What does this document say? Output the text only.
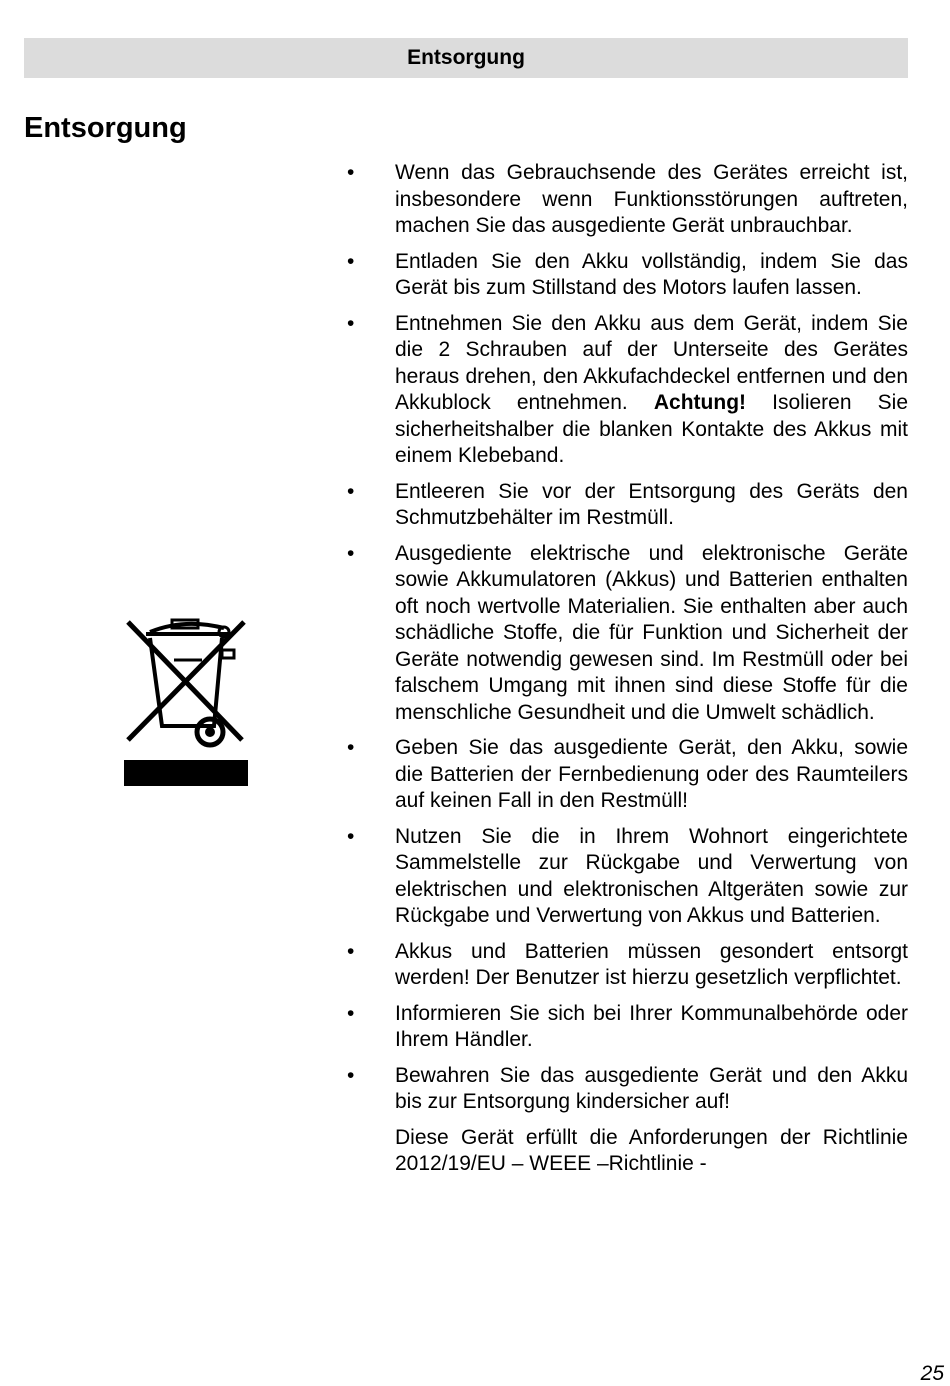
Entsorgung
Entsorgung
• Wenn das Gebrauchsende des Gerätes erreicht ist, insbesondere wenn Funktionsstörungen auftreten, machen Sie das ausgediente Gerät unbrauchbar.
• Entladen Sie den Akku vollständig, indem Sie das Gerät bis zum Stillstand des Motors laufen lassen.
• Entnehmen Sie den Akku aus dem Gerät, indem Sie die 2 Schrauben auf der Unterseite des Gerätes heraus drehen, den Akkufachdeckel entfernen und den Akkublock entnehmen. Achtung! Isolieren Sie sicherheitshalber die blanken Kontakte des Akkus mit einem Klebeband.
• Entleeren Sie vor der Entsorgung des Geräts den Schmutzbehälter im Restmüll.
• Ausgediente elektrische und elektronische Geräte sowie Akkumulatoren (Akkus) und Batterien enthalten oft noch wertvolle Materialien. Sie enthalten aber auch schädliche Stoffe, die für Funktion und Sicherheit der Geräte notwendig gewesen sind. Im Restmüll oder bei falschem Umgang mit ihnen sind diese Stoffe für die menschliche Gesundheit und die Umwelt schädlich.
• Geben Sie das ausgediente Gerät, den Akku, sowie die Batterien der Fernbedienung oder des Raumteilers auf keinen Fall in den Restmüll!
• Nutzen Sie die in Ihrem Wohnort eingerichtete Sammelstelle zur Rückgabe und Verwertung von elektrischen und elektronischen Altgeräten sowie zur Rückgabe und Verwertung von Akkus und Batterien.
• Akkus und Batterien müssen gesondert entsorgt werden! Der Benutzer ist hierzu gesetzlich verpflichtet.
• Informieren Sie sich bei Ihrer Kommunalbehörde oder Ihrem Händler.
• Bewahren Sie das ausgediente Gerät und den Akku bis zur Entsorgung kindersicher auf!

Diese Gerät erfüllt die Anforderungen der Richtlinie 2012/19/EU – WEEE –Richtlinie -

25
